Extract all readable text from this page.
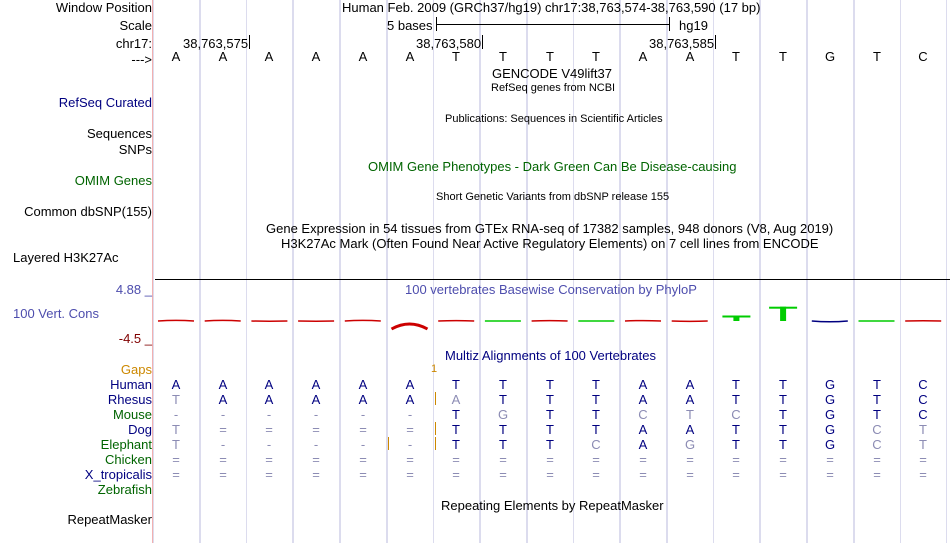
Window Position	Human Feb. 2009 (GRCh37/hg19) chr17:38,763,574-38,763,590 (17 bp)
Scale	5 bases	hg19
chr17: 38,763,575	38,763,580	38,763,585
--->	A	A	A	A	A	A	T	T	T	T	A	A	T	T	G	T	C
GENCODE V49lift37
RefSeq genes from NCBI
RefSeq Curated
Publications: Sequences in Scientific Articles
Sequences
SNPs
OMIM Gene Phenotypes - Dark Green Can Be Disease-causing
OMIM Genes
Short Genetic Variants from dbSNP release 155
Common dbSNP(155)
Gene Expression in 54 tissues from GTEx RNA-seq of 17382 samples, 948 donors (V8, Aug 2019)
H3K27Ac Mark (Often Found Near Active Regulatory Elements) on 7 cell lines from ENCODE
Layered H3K27Ac
100 vertebrates Basewise Conservation by PhyloP
4.88 _
100 Vert. Cons
-4.5 _
Multiz Alignments of 100 Vertebrates
Gaps	1
Human	A	A	A	A	A	A	T	T	T	T	A	A	T	T	G	T	C
Rhesus	T	A	A	A	A	A	A	T	T	T	A	A	T	T	G	T	C
Mouse	-	-	-	-	-	-	T	G	T	T	C	T	C	T	G	T	C
Dog	T	=	=	=	=	=	T	T	T	T	A	A	T	T	G	C	T
Elephant	T	-	-	-	-	-	T	T	T	C	A	G	T	T	G	C	T
Chicken	=	=	=	=	=	=	=	=	=	=	=	=	=	=	=	=	=
X_tropicalis	=	=	=	=	=	=	=	=	=	=	=	=	=	=	=	=	=
Zebrafish
Repeating Elements by RepeatMasker
RepeatMasker
